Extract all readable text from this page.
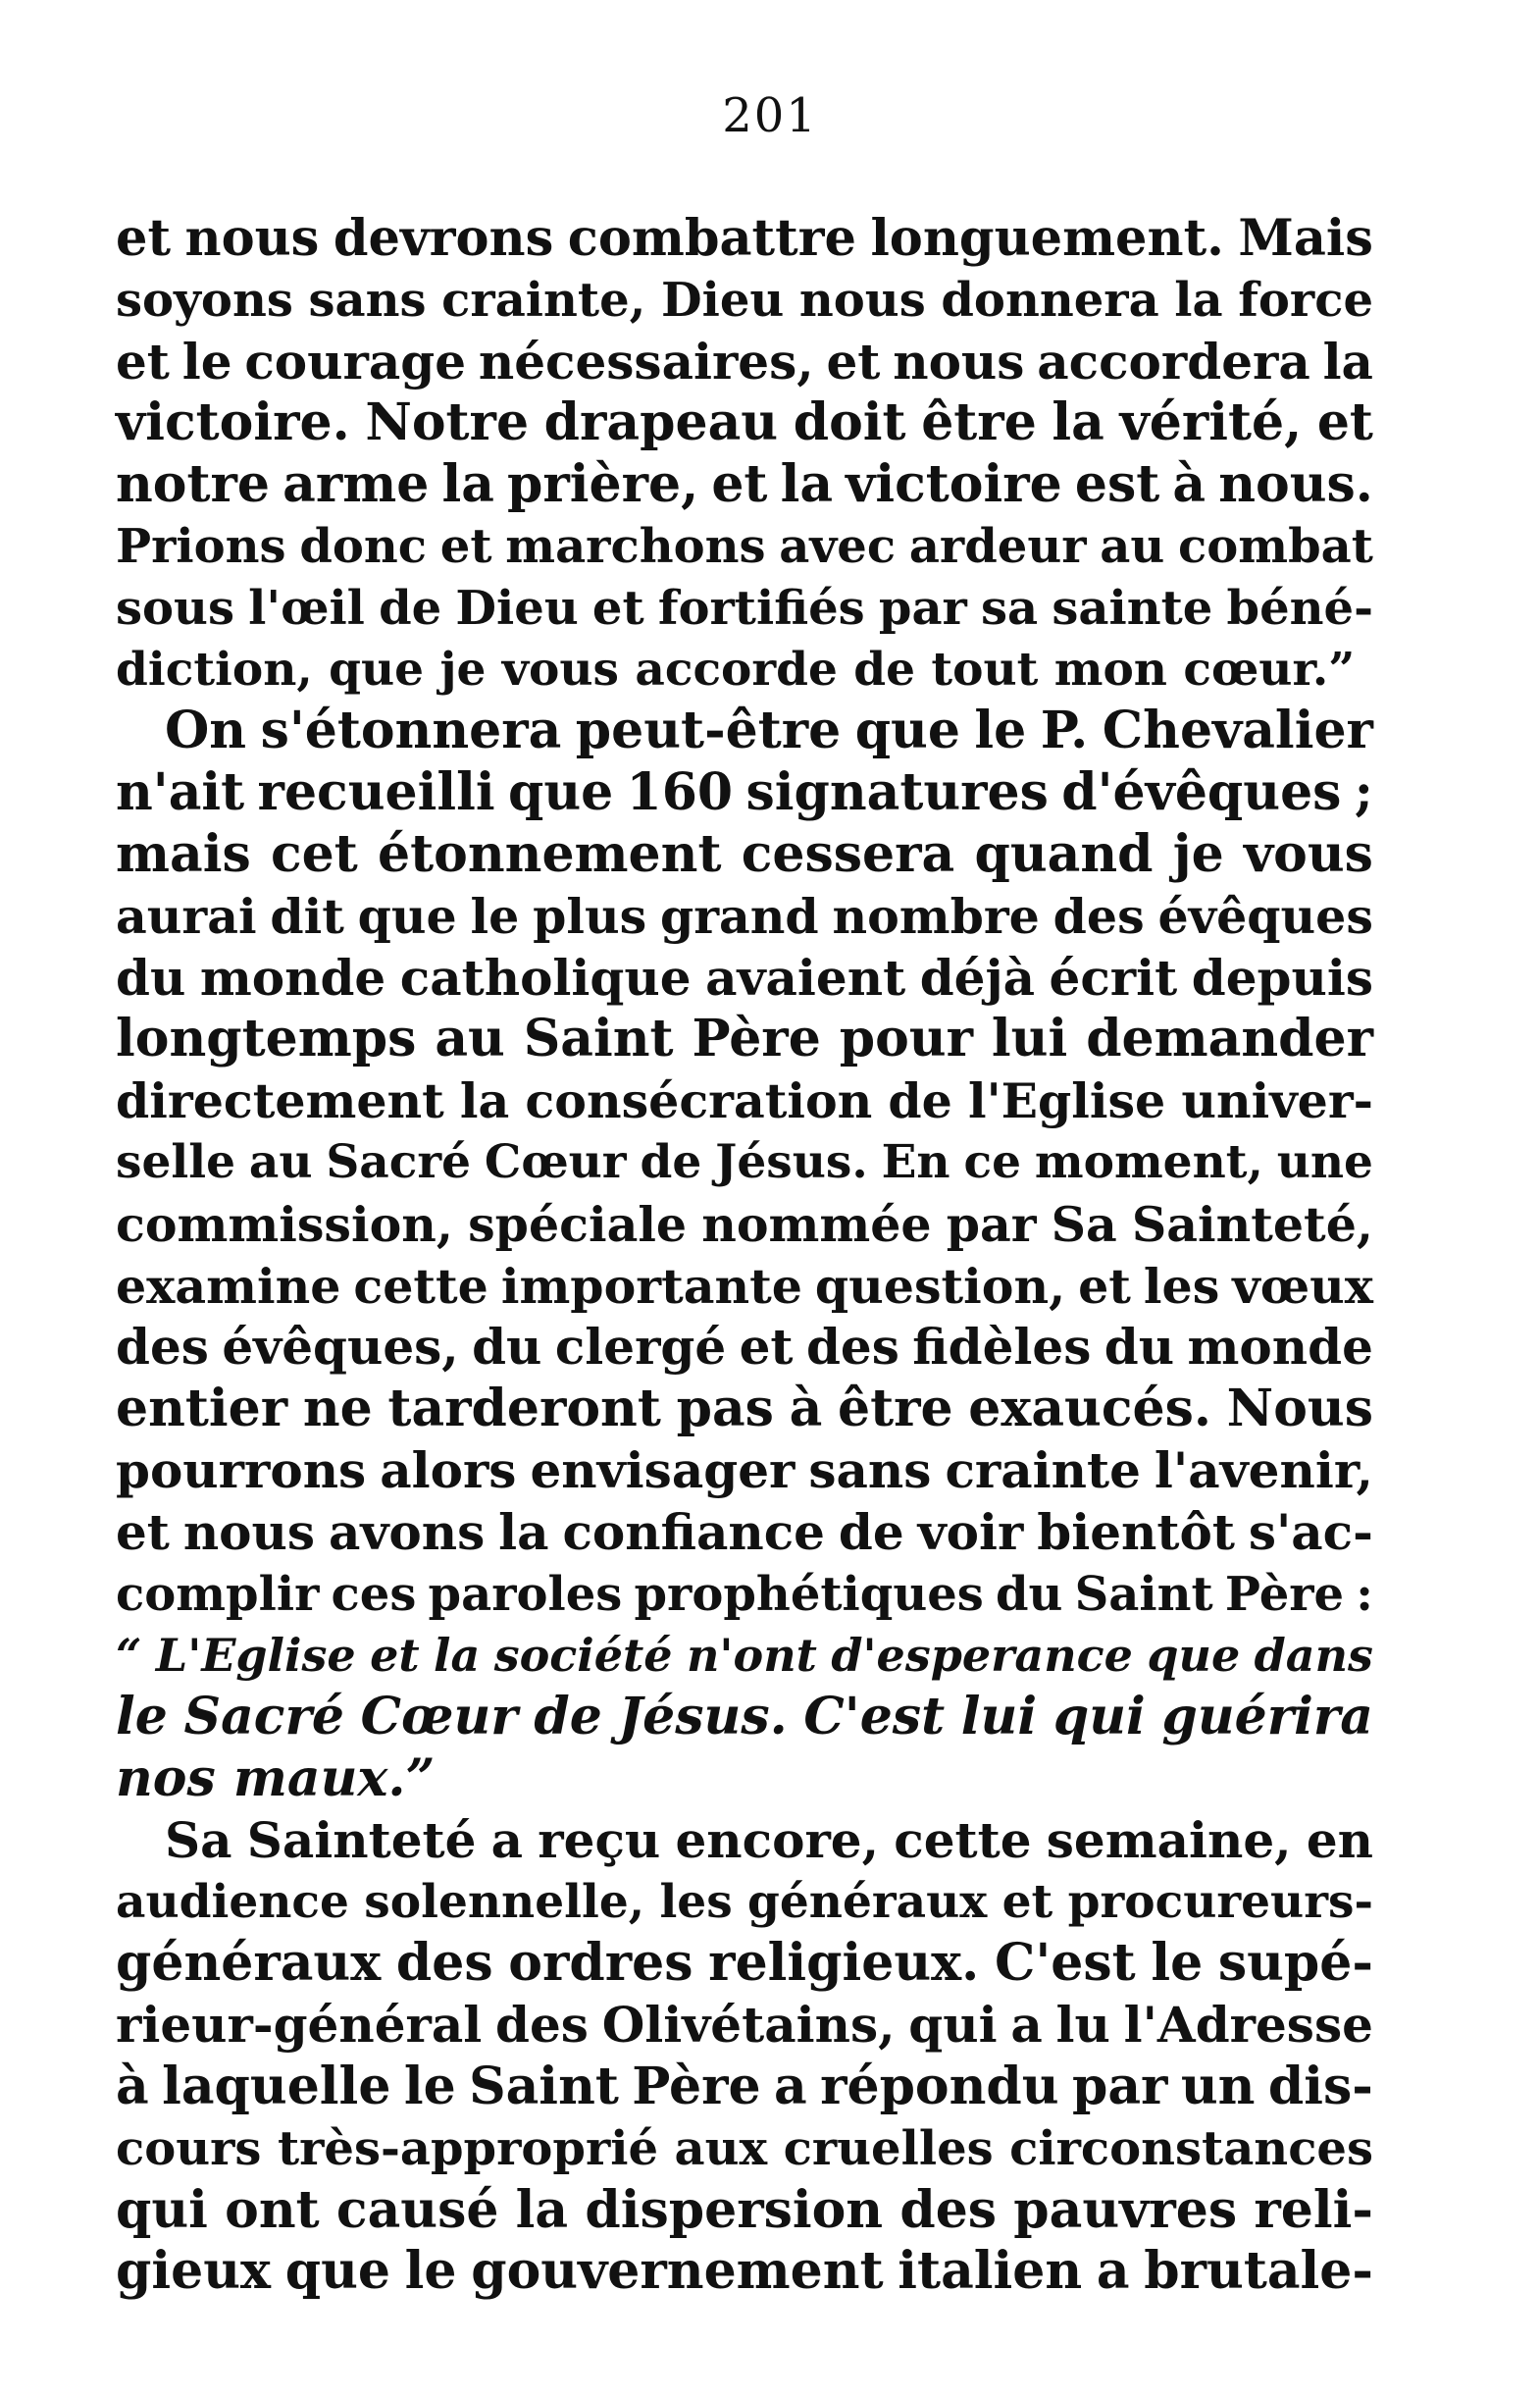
201
et nous devrons combattre longuement. Mais
soyons sans crainte, Dieu nous donnera la force
et le courage nécessaires, et nous accordera la
victoire. Notre drapeau doit être la vérité, et
notre arme la prière, et la victoire est à nous.
Prions donc et marchons avec ardeur au combat
sous l'œil de Dieu et fortifiés par sa sainte béné-
diction, que je vous accorde de tout mon cœur.”
On s'étonnera peut-être que le P. Chevalier
n'ait recueilli que 160 signatures d'évêques ;
mais cet étonnement cessera quand je vous
aurai dit que le plus grand nombre des évêques
du monde catholique avaient déjà écrit depuis
longtemps au Saint Père pour lui demander
directement la consécration de l'Eglise univer-
selle au Sacré Cœur de Jésus. En ce moment, une
commission, spéciale nommée par Sa Sainteté,
examine cette importante question, et les vœux
des évêques, du clergé et des fidèles du monde
entier ne tarderont pas à être exaucés. Nous
pourrons alors envisager sans crainte l'avenir,
et nous avons la confiance de voir bientôt s'ac-
complir ces paroles prophétiques du Saint Père :
“ L'Eglise et la société n'ont d'esperance que dans
le Sacré Cœur de Jésus. C'est lui qui guérira
nos maux.”
Sa Sainteté a reçu encore, cette semaine, en
audience solennelle, les généraux et procureurs-
généraux des ordres religieux. C'est le supé-
rieur-général des Olivétains, qui a lu l'Adresse
à laquelle le Saint Père a répondu par un dis-
cours très-approprié aux cruelles circonstances
qui ont causé la dispersion des pauvres reli-
gieux que le gouvernement italien a brutale-
